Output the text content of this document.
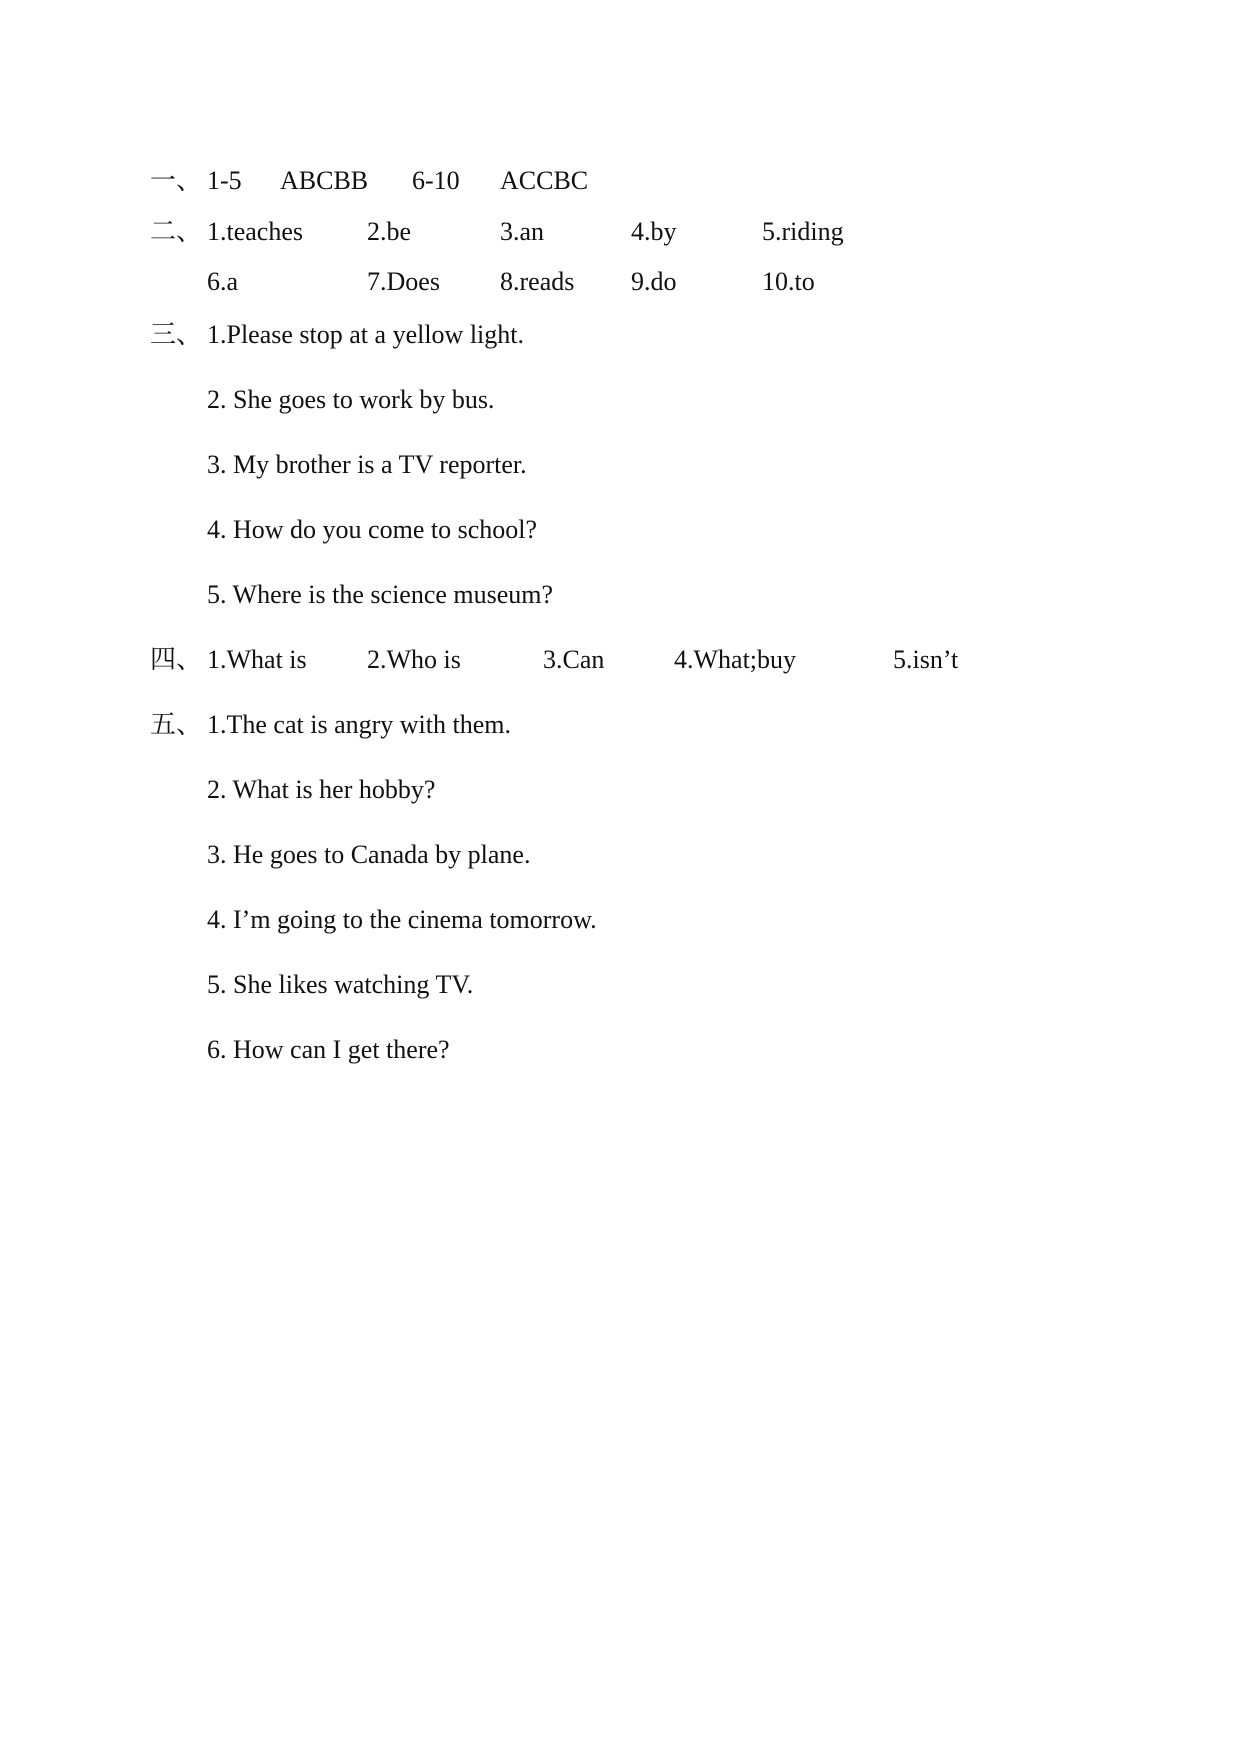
一、 1-5 ABCBB 6-10 ACCBC
二、 1.teaches 2.be	3.an	4.by	5.riding
6.a	7.Does 8.reads 9.do	10.to
三、 1.Please stop at a yellow light.
2. She goes to work by bus.
3. My brother is a TV reporter.
4. How do you come to school?
5. Where is the science museum?
四、 1.What is 2.Who is	3.Can	4.What;buy	5.isn’t
五、 1.The cat is angry with them.
2. What is her hobby?
3. He goes to Canada by plane.
4. I’m going to the cinema tomorrow.
5. She likes watching TV.
6. How can I get there?
